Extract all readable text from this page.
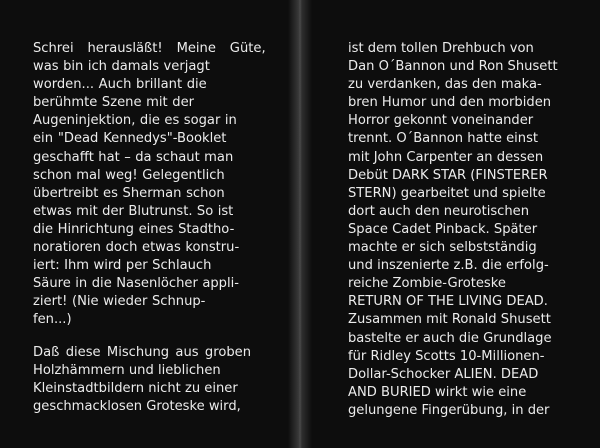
Schrei herausläßt! Meine Güte,
was bin ich damals verjagt
worden... Auch brillant die
berühmte Szene mit der
Augeninjektion, die es sogar in
ein "Dead Kennedys"-Booklet
geschafft hat – da schaut man
schon mal weg! Gelegentlich
übertreibt es Sherman schon
etwas mit der Blutrunst. So ist
die Hinrichtung eines Stadtho-
noratioren doch etwas konstru-
iert: Ihm wird per Schlauch
Säure in die Nasenlöcher appli-
ziert! (Nie wieder Schnup-
fen...)

Daß diese Mischung aus groben
Holzhämmern und lieblichen
Kleinstadtbildern nicht zu einer
geschmacklosen Groteske wird,

ist dem tollen Drehbuch von
Dan O´Bannon und Ron Shusett
zu verdanken, das den maka-
bren Humor und den morbiden
Horror gekonnt voneinander
trennt. O´Bannon hatte einst
mit John Carpenter an dessen
Debüt DARK STAR (FINSTERER
STERN) gearbeitet und spielte
dort auch den neurotischen
Space Cadet Pinback. Später
machte er sich selbstständig
und inszenierte z.B. die erfolg-
reiche Zombie-Groteske
RETURN OF THE LIVING DEAD.
Zusammen mit Ronald Shusett
bastelte er auch die Grundlage
für Ridley Scotts 10-Millionen-
Dollar-Schocker ALIEN. DEAD
AND BURIED wirkt wie eine
gelungene Fingerübung, in der
